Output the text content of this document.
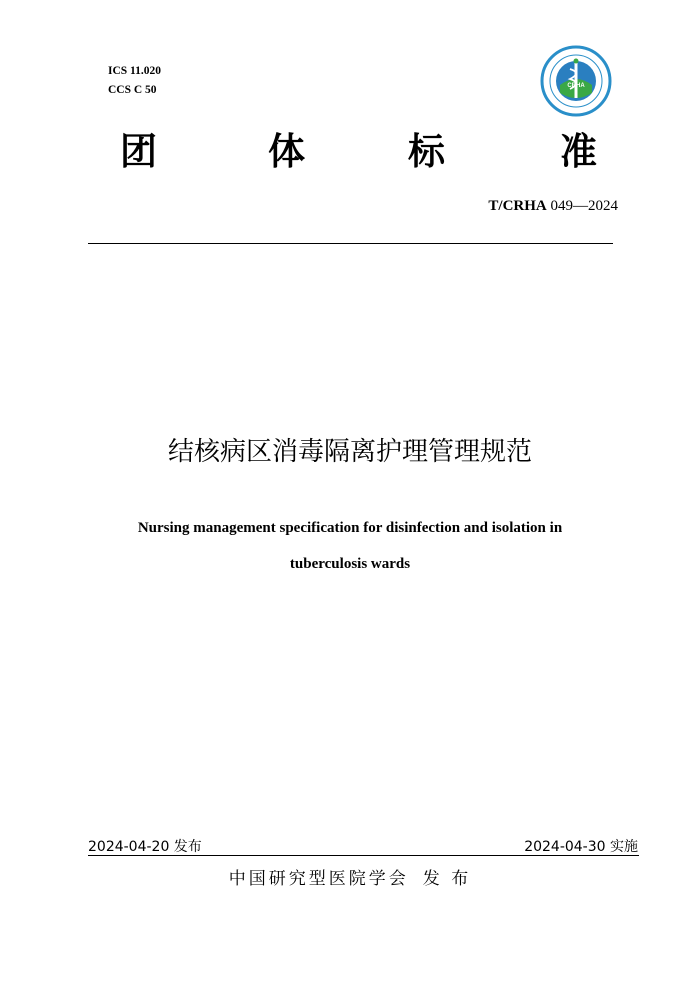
ICS 11.020
CCS C 50	CRHA
团	体	标	准
T/CRHA 049—2024
结核病区消毒隔离护理管理规范
Nursing management specification for disinfection and isolation in
tuberculosis wards
2024-04-20 发布	2024-04-30 实施
中国研究型医院学会 发 布
